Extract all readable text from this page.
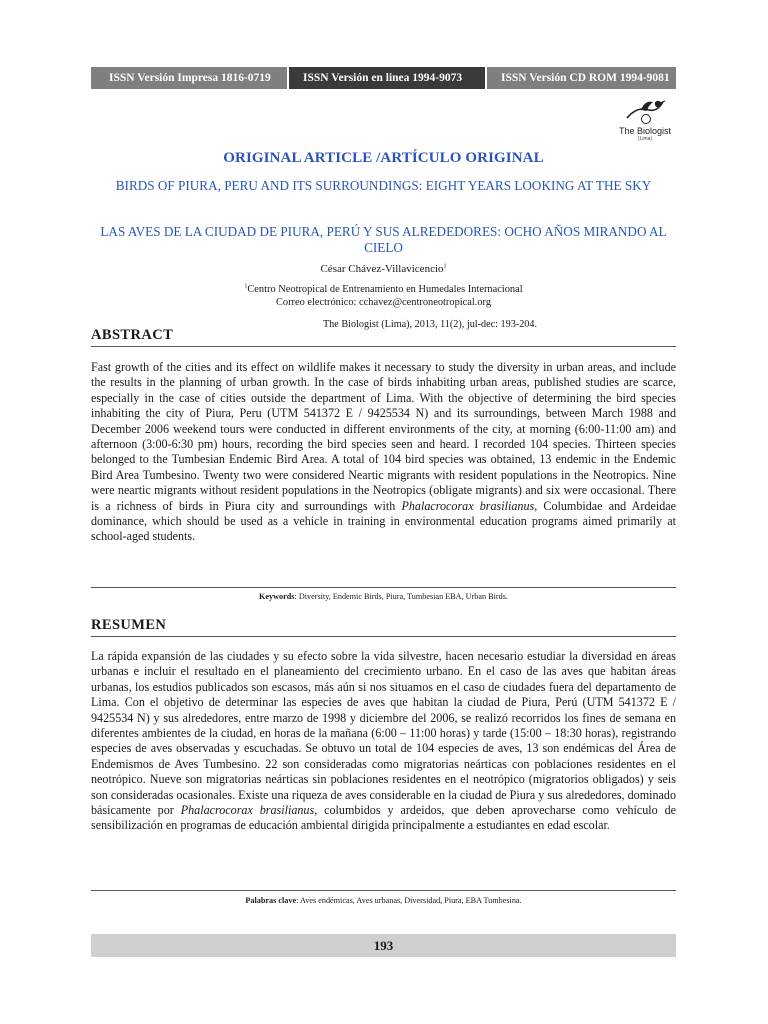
ISSN Versión Impresa 1816-0719	ISSN Versión en linea 1994-9073	ISSN Versión CD ROM 1994-9081
The Biologist
(Lima)
ORIGINAL ARTICLE /ARTÍCULO ORIGINAL
BIRDS OF PIURA, PERU AND ITS SURROUNDINGS: EIGHT YEARS LOOKING AT THE SKY
LAS AVES DE LA CIUDAD DE PIURA, PERÚ Y SUS ALREDEDORES: OCHO AÑOS MIRANDO AL CIELO
César Chávez-Villavicencio$^1$
$^1$Centro Neotropical de Entrenamiento en Humedales Internacional
Correo electrónico: cchavez@centroneotropical.org
ABSTRACT
The Biologist (Lima), 2013, 11(2), jul-dec: 193-204.
Fast growth of the cities and its effect on wildlife makes it necessary to study the diversity in urban areas, and include the results in the planning of urban growth. In the case of birds inhabiting urban areas, published studies are scarce, especially in the case of cities outside the department of Lima. With the objective of determining the bird species inhabiting the city of Piura, Peru (UTM 541372 E / 9425534 N) and its surroundings, between March 1988 and December 2006 weekend tours were conducted in different environments of the city, at morning (6:00-11:00 am) and afternoon (3:00-6:30 pm) hours, recording the bird species seen and heard. I recorded 104 species. Thirteen species belonged to the Tumbesian Endemic Bird Area. A total of 104 bird species was obtained, 13 endemic in the Endemic Bird Area Tumbesino. Twenty two were considered Neartic migrants with resident populations in the Neotropics. Nine were neartic migrants without resident populations in the Neotropics (obligate migrants) and six were occasional. There is a richness of birds in Piura city and surroundings with Phalacrocorax brasilianus, Columbidae and Ardeidae dominance, which should be used as a vehicle in training in environmental education programs aimed primarily at school-aged students.
Keywords: Diversity, Endemic Birds, Piura, Tumbesian EBA, Urban Birds.
RESUMEN
La rápida expansión de las ciudades y su efecto sobre la vida silvestre, hacen necesario estudiar la diversidad en áreas urbanas e incluir el resultado en el planeamiento del crecimiento urbano. En el caso de las aves que habitan áreas urbanas, los estudios publicados son escasos, más aún si nos situamos en el caso de ciudades fuera del departamento de Lima. Con el objetivo de determinar las especies de aves que habitan la ciudad de Piura, Perú (UTM 541372 E / 9425534 N) y sus alrededores, entre marzo de 1998 y diciembre del 2006, se realizó recorridos los fines de semana en diferentes ambientes de la ciudad, en horas de la mañana (6:00 – 11:00 horas) y tarde (15:00 – 18:30 horas), registrando especies de aves observadas y escuchadas. Se obtuvo un total de 104 especies de aves, 13 son endémicas del Área de Endemismos de Aves Tumbesino. 22 son consideradas como migratorias neárticas con poblaciones residentes en el neotrópico. Nueve son migratorias neárticas sin poblaciones residentes en el neotrópico (migratorios obligados) y seis son consideradas ocasionales. Existe una riqueza de aves considerable en la ciudad de Piura y sus alrededores, dominado básicamente por Phalacrocorax brasilianus, columbidos y ardeidos, que deben aprovecharse como vehículo de sensibilización en programas de educación ambiental dirigida principalmente a estudiantes en edad escolar.
Palabras clave: Aves endémicas, Aves urbanas, Diversidad, Piura, EBA Tumbesina.
193
